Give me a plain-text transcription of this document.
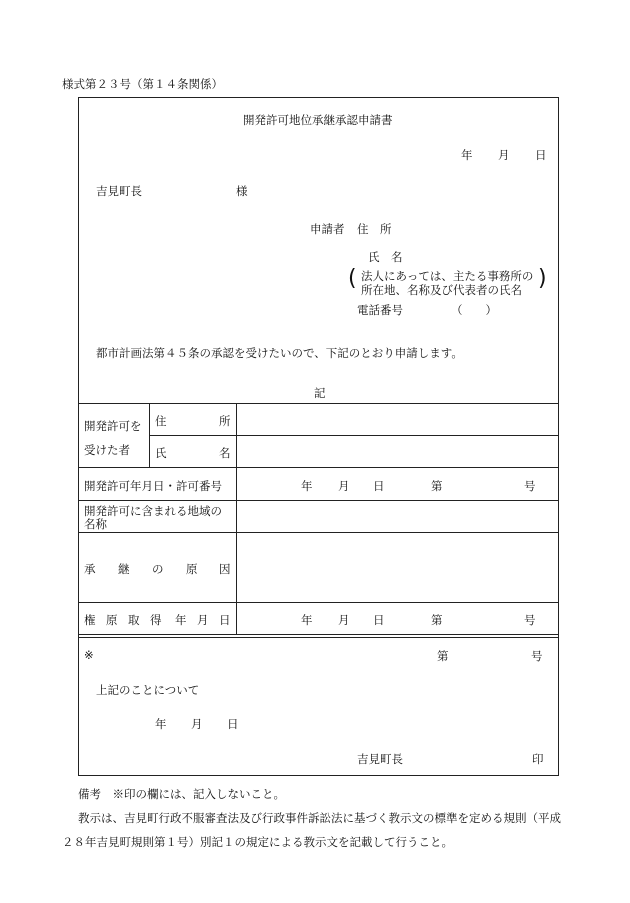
様式第２３号（第１４条関係）
開発許可地位承継承認申請書
年 月 日
吉見町長	様
申請者 住　所
氏　名
( 法人にあっては、主たる事務所の
所在地、名称及び代表者の氏名 )
電話番号	（　　）
都市計画法第４５条の承認を受けたいので、下記のとおり申請します。
記
開発許可を
受けた者
住	所
氏	名
開発許可年月日・許可番号	年 月 日	第	号
開発許可に含まれる地域の
名称
承 継 の 原 因
権 原 取 得 年 月 日	年 月 日	第	号
※	第	号
上記のことについて
年 月 日
吉見町長	印
備考　※印の欄には、記入しないこと。
教示は、吉見町行政不服審査法及び行政事件訴訟法に基づく教示文の標準を定める規則（平成
２８年吉見町規則第１号）別記１の規定による教示文を記載して行うこと。
